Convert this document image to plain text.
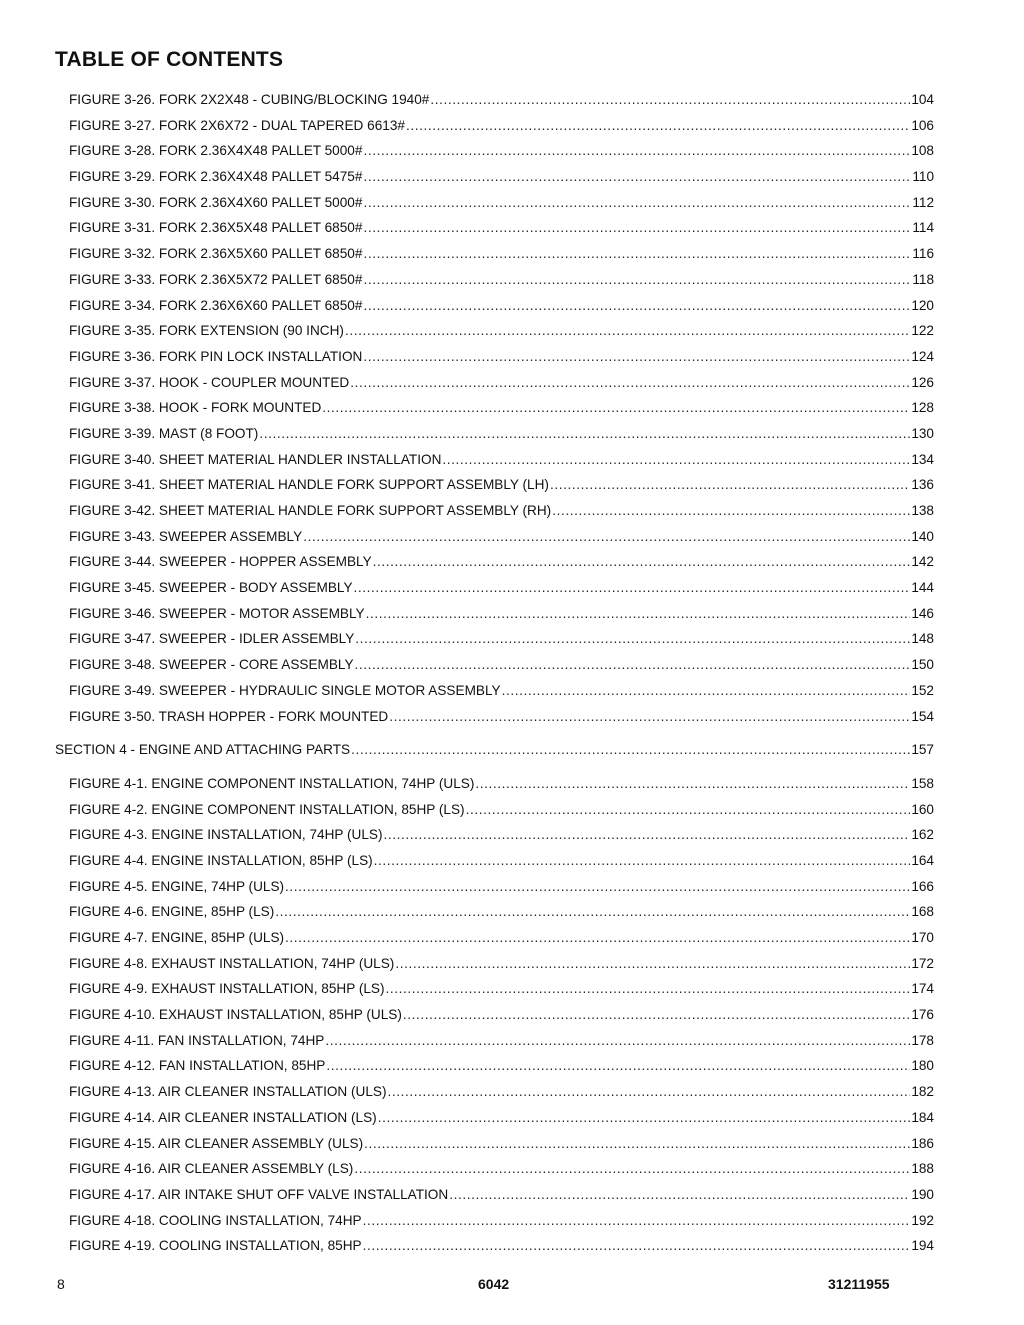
TABLE OF CONTENTS
FIGURE 3-26. FORK 2X2X48 - CUBING/BLOCKING 1940# .....	104
FIGURE 3-27. FORK 2X6X72 - DUAL TAPERED 6613# .....	106
FIGURE 3-28. FORK 2.36X4X48 PALLET 5000# .....	108
FIGURE 3-29. FORK 2.36X4X48 PALLET 5475# .....	110
FIGURE 3-30. FORK 2.36X4X60 PALLET 5000# .....	112
FIGURE 3-31. FORK 2.36X5X48 PALLET 6850# .....	114
FIGURE 3-32. FORK 2.36X5X60 PALLET 6850# .....	116
FIGURE 3-33. FORK 2.36X5X72 PALLET 6850# .....	118
FIGURE 3-34. FORK 2.36X6X60 PALLET 6850# .....	120
FIGURE 3-35. FORK EXTENSION (90 INCH) .....	122
FIGURE 3-36. FORK PIN LOCK INSTALLATION .....	124
FIGURE 3-37. HOOK - COUPLER MOUNTED .....	126
FIGURE 3-38. HOOK - FORK MOUNTED .....	128
FIGURE 3-39. MAST (8 FOOT) .....	130
FIGURE 3-40. SHEET MATERIAL HANDLER INSTALLATION .....	134
FIGURE 3-41. SHEET MATERIAL HANDLE FORK SUPPORT ASSEMBLY (LH) .....	136
FIGURE 3-42. SHEET MATERIAL HANDLE FORK SUPPORT ASSEMBLY (RH) .....	138
FIGURE 3-43. SWEEPER ASSEMBLY .....	140
FIGURE 3-44. SWEEPER - HOPPER ASSEMBLY .....	142
FIGURE 3-45. SWEEPER - BODY ASSEMBLY .....	144
FIGURE 3-46. SWEEPER - MOTOR ASSEMBLY .....	146
FIGURE 3-47. SWEEPER - IDLER ASSEMBLY .....	148
FIGURE 3-48. SWEEPER - CORE ASSEMBLY .....	150
FIGURE 3-49. SWEEPER - HYDRAULIC SINGLE MOTOR ASSEMBLY .....	152
FIGURE 3-50. TRASH HOPPER - FORK MOUNTED .....	154
SECTION 4 - ENGINE AND ATTACHING PARTS .....	157
FIGURE 4-1. ENGINE COMPONENT INSTALLATION, 74HP (ULS) .....	158
FIGURE 4-2. ENGINE COMPONENT INSTALLATION, 85HP (LS) .....	160
FIGURE 4-3. ENGINE INSTALLATION, 74HP (ULS) .....	162
FIGURE 4-4. ENGINE INSTALLATION, 85HP (LS) .....	164
FIGURE 4-5. ENGINE, 74HP (ULS) .....	166
FIGURE 4-6. ENGINE, 85HP (LS) .....	168
FIGURE 4-7. ENGINE, 85HP (ULS) .....	170
FIGURE 4-8. EXHAUST INSTALLATION, 74HP (ULS) .....	172
FIGURE 4-9. EXHAUST INSTALLATION, 85HP (LS) .....	174
FIGURE 4-10. EXHAUST INSTALLATION, 85HP (ULS) .....	176
FIGURE 4-11. FAN INSTALLATION, 74HP .....	178
FIGURE 4-12. FAN INSTALLATION, 85HP .....	180
FIGURE 4-13. AIR CLEANER INSTALLATION (ULS) .....	182
FIGURE 4-14. AIR CLEANER INSTALLATION (LS) .....	184
FIGURE 4-15. AIR CLEANER ASSEMBLY (ULS) .....	186
FIGURE 4-16. AIR CLEANER ASSEMBLY (LS) .....	188
FIGURE 4-17. AIR INTAKE SHUT OFF VALVE INSTALLATION .....	190
FIGURE 4-18. COOLING INSTALLATION, 74HP .....	192
FIGURE 4-19. COOLING INSTALLATION, 85HP .....	194
8	6042	31211955
